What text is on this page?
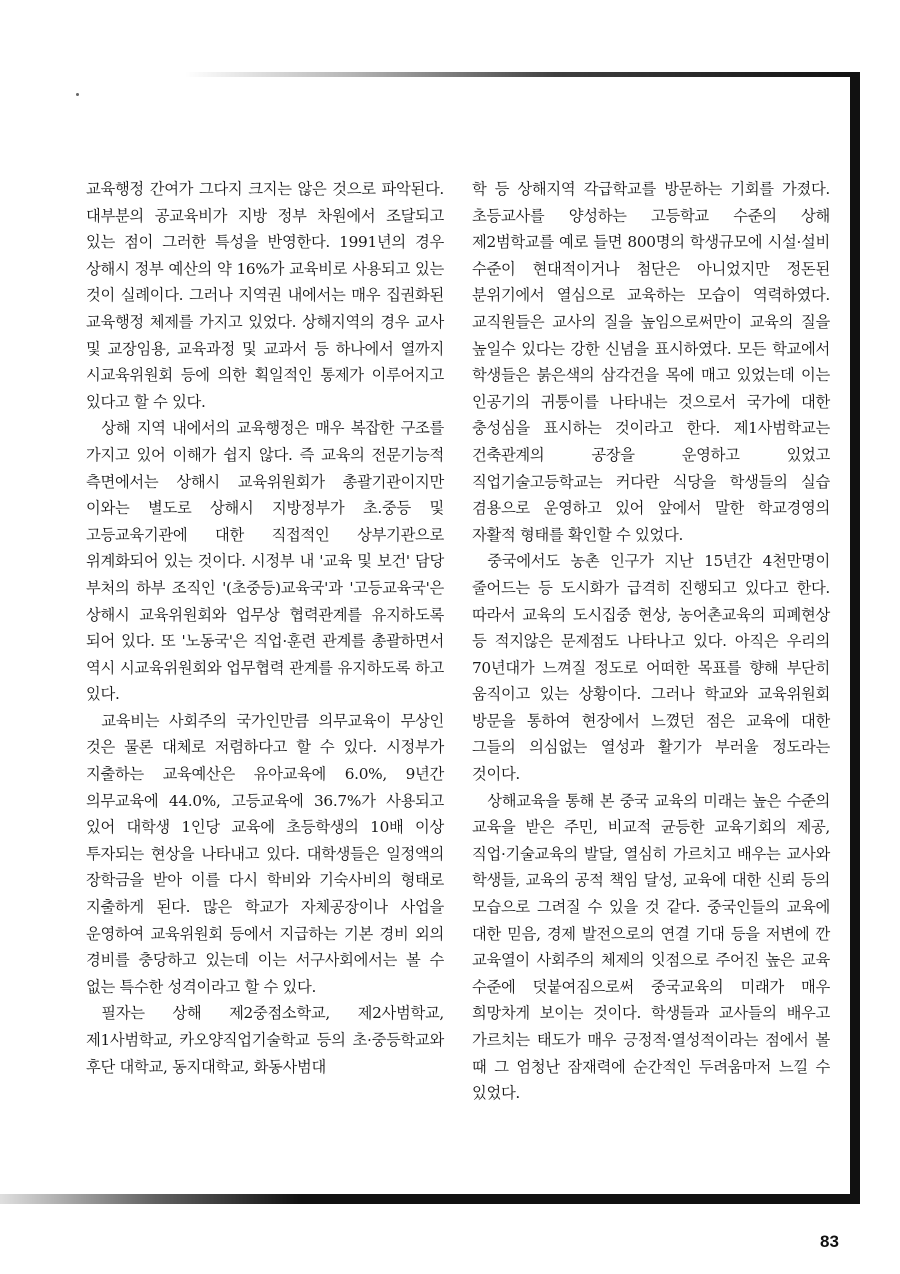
교육행정 간여가 그다지 크지는 않은 것으로 파악된다. 대부분의 공교육비가 지방 정부 차원에서 조달되고 있는 점이 그러한 특성을 반영한다. 1991년의 경우 상해시 정부 예산의 약 16%가 교육비로 사용되고 있는 것이 실례이다. 그러나 지역권 내에서는 매우 집권화된 교육행정 체제를 가지고 있었다. 상해지역의 경우 교사 및 교장임용, 교육과정 및 교과서 등 하나에서 열까지 시교육위원회 등에 의한 획일적인 통제가 이루어지고 있다고 할 수 있다.

상해 지역 내에서의 교육행정은 매우 복잡한 구조를 가지고 있어 이해가 쉽지 않다. 즉 교육의 전문기능적 측면에서는 상해시 교육위원회가 총괄기관이지만 이와는 별도로 상해시 지방정부가 초.중등 및 고등교육기관에 대한 직접적인 상부기관으로 위계화되어 있는 것이다. 시정부 내 '교육 및 보건' 담당 부처의 하부 조직인 '(초중등)교육국'과 '고등교육국'은 상해시 교육위원회와 업무상 협력관계를 유지하도록 되어 있다. 또 '노동국'은 직업·훈련 관계를 총괄하면서 역시 시교육위원회와 업무협력 관계를 유지하도록 하고 있다.

교육비는 사회주의 국가인만큼 의무교육이 무상인 것은 물론 대체로 저렴하다고 할 수 있다. 시정부가 지출하는 교육예산은 유아교육에 6.0%, 9년간 의무교육에 44.0%, 고등교육에 36.7%가 사용되고 있어 대학생 1인당 교육에 초등학생의 10배 이상 투자되는 현상을 나타내고 있다. 대학생들은 일정액의 장학금을 받아 이를 다시 학비와 기숙사비의 형태로 지출하게 된다. 많은 학교가 자체공장이나 사업을 운영하여 교육위원회 등에서 지급하는 기본 경비 외의 경비를 충당하고 있는데 이는 서구사회에서는 볼 수 없는 특수한 성격이라고 할 수 있다.

필자는 상해 제2중점소학교, 제2사범학교, 제1사범학교, 카오양직업기술학교 등의 초·중등학교와 후단 대학교, 동지대학교, 화동사범대

학 등 상해지역 각급학교를 방문하는 기회를 가졌다. 초등교사를 양성하는 고등학교 수준의 상해 제2범학교를 예로 들면 800명의 학생규모에 시설·설비 수준이 현대적이거나 첨단은 아니었지만 정돈된 분위기에서 열심으로 교육하는 모습이 역력하였다. 교직원들은 교사의 질을 높임으로써만이 교육의 질을 높일수 있다는 강한 신념을 표시하였다. 모든 학교에서 학생들은 붉은색의 삼각건을 목에 매고 있었는데 이는 인공기의 귀퉁이를 나타내는 것으로서 국가에 대한 충성심을 표시하는 것이라고 한다. 제1사범학교는 건축관계의 공장을 운영하고 있었고 직업기술고등학교는 커다란 식당을 학생들의 실습 겸용으로 운영하고 있어 앞에서 말한 학교경영의 자활적 형태를 확인할 수 있었다.

중국에서도 농촌 인구가 지난 15년간 4천만명이 줄어드는 등 도시화가 급격히 진행되고 있다고 한다. 따라서 교육의 도시집중 현상, 농어촌교육의 피폐현상 등 적지않은 문제점도 나타나고 있다. 아직은 우리의 70년대가 느껴질 정도로 어떠한 목표를 향해 부단히 움직이고 있는 상황이다. 그러나 학교와 교육위원회 방문을 통하여 현장에서 느꼈던 점은 교육에 대한 그들의 의심없는 열성과 활기가 부러울 정도라는 것이다.

상해교육을 통해 본 중국 교육의 미래는 높은 수준의 교육을 받은 주민, 비교적 균등한 교육기회의 제공, 직업·기술교육의 발달, 열심히 가르치고 배우는 교사와 학생들, 교육의 공적 책임 달성, 교육에 대한 신뢰 등의 모습으로 그려질 수 있을 것 같다. 중국인들의 교육에 대한 믿음, 경제 발전으로의 연결 기대 등을 저변에 깐 교육열이 사회주의 체제의 잇점으로 주어진 높은 교육 수준에 덧붙여짐으로써 중국교육의 미래가 매우 희망차게 보이는 것이다. 학생들과 교사들의 배우고 가르치는 태도가 매우 긍정적·열성적이라는 점에서 볼 때 그 엄청난 잠재력에 순간적인 두려움마저 느낄 수 있었다.

83
